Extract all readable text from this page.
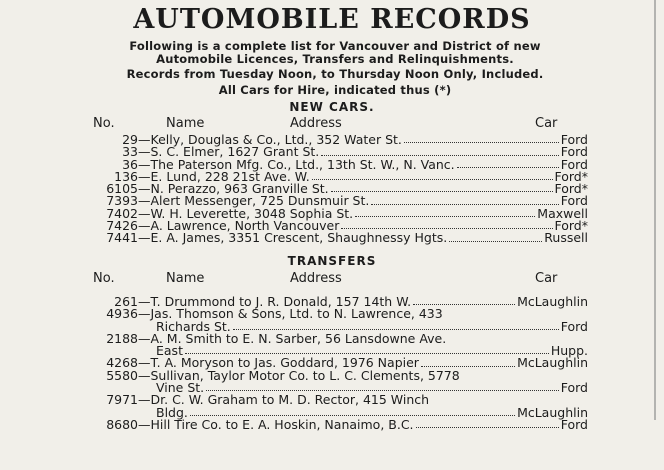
AUTOMOBILE RECORDS
Following is a complete list for Vancouver and District of new
Automobile Licences, Transfers and Relinquishments.
Records from Tuesday Noon, to Thursday Noon Only, Included.
All Cars for Hire, indicated thus (*)
NEW CARS.
No.	Name	Address	Car
29 — Kelly, Douglas & Co., Ltd., 352 Water St.	Ford
33 — S. C. Elmer, 1627 Grant St.	Ford
36 — The Paterson Mfg. Co., Ltd., 13th St. W., N. Vanc.	Ford
136 — E. Lund, 228 21st Ave. W.	Ford*
6105 — N. Perazzo, 963 Granville St.	Ford*
7393 — Alert Messenger, 725 Dunsmuir St.	Ford
7402 — W. H. Leverette, 3048 Sophia St.	Maxwell
7426 — A. Lawrence, North Vancouver	Ford*
7441 — E. A. James, 3351 Crescent, Shaughnessy Hgts.	Russell
TRANSFERS
No.	Name	Address	Car
261 — T. Drummond to J. R. Donald, 157 14th W.	McLaughlin
4936 — Jas. Thomson & Sons, Ltd. to N. Lawrence, 433
Richards St.	Ford
2188 — A. M. Smith to E. N. Sarber, 56 Lansdowne Ave.
East	Hupp.
4268 — T. A. Moryson to Jas. Goddard, 1976 Napier	McLaughlin
5580 — Sullivan, Taylor Motor Co. to L. C. Clements, 5778
Vine St.	Ford
7971 — Dr. C. W. Graham to M. D. Rector, 415 Winch
Bldg.	McLaughlin
8680 — Hill Tire Co. to E. A. Hoskin, Nanaimo, B.C.	Ford
